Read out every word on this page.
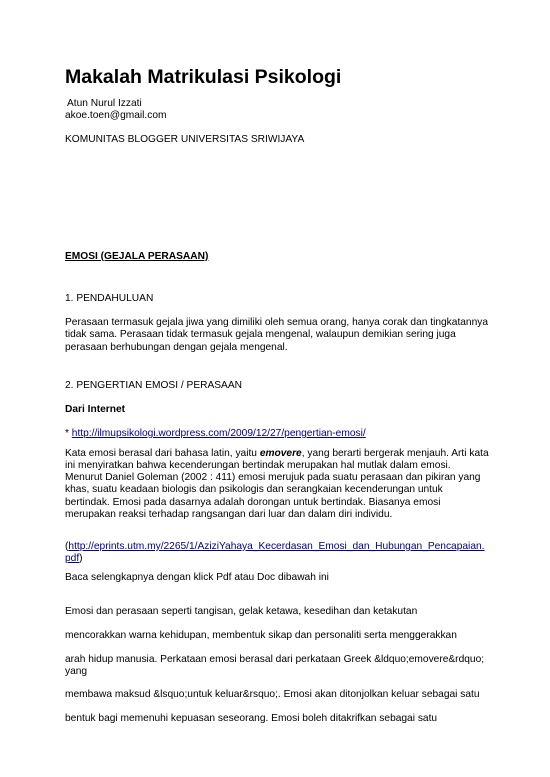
Makalah Matrikulasi Psikologi
Atun Nurul Izzati
akoe.toen@gmail.com
KOMUNITAS BLOGGER UNIVERSITAS SRIWIJAYA
EMOSI (GEJALA PERASAAN)
1. PENDAHULUAN

Perasaan termasuk gejala jiwa yang dimiliki oleh semua orang, hanya corak dan tingkatannya tidak sama. Perasaan tidak termasuk gejala mengenal, walaupun demikian sering juga perasaan berhubungan dengan gejala mengenal.

2. PENGERTIAN EMOSI / PERASAAN
Dari Internet
* http://ilmupsikologi.wordpress.com/2009/12/27/pengertian-emosi/

Kata emosi berasal dari bahasa latin, yaitu emovere, yang berarti bergerak menjauh. Arti kata ini menyiratkan bahwa kecenderungan bertindak merupakan hal mutlak dalam emosi.

Menurut Daniel Goleman (2002 : 411) emosi merujuk pada suatu perasaan dan pikiran yang khas, suatu keadaan biologis dan psikologis dan serangkaian kecenderungan untuk bertindak. Emosi pada dasarnya adalah dorongan untuk bertindak. Biasanya emosi merupakan reaksi terhadap rangsangan dari luar dan dalam diri individu.

(http://eprints.utm.my/2265/1/AziziYahaya_Kecerdasan_Emosi_dan_Hubungan_Pencapaian.pdf)

Baca selengkapnya dengan klick Pdf atau Doc dibawah ini
Emosi dan perasaan seperti tangisan, gelak ketawa, kesedihan dan ketakutan
mencorakkan warna kehidupan, membentuk sikap dan personaliti serta menggerakkan
arah hidup manusia. Perkataan emosi berasal dari perkataan Greek &ldquo;emovere&rdquo;
yang
membawa maksud &lsquo;untuk keluar&rsquo;. Emosi akan ditonjolkan keluar sebagai satu
bentuk bagi memenuhi kepuasan seseorang. Emosi boleh ditakrifkan sebagai satu
